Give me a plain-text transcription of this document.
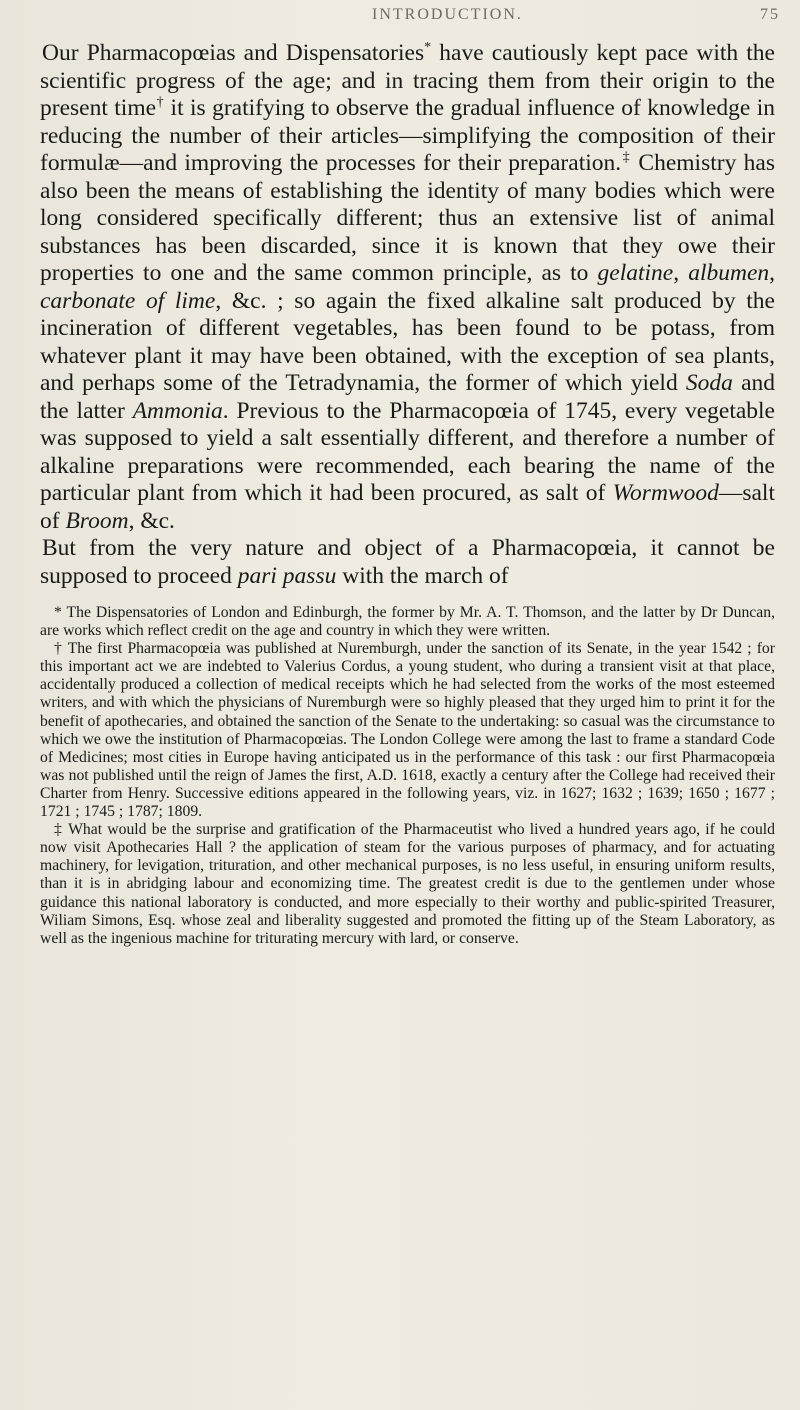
INTRODUCTION.	75

Our Pharmacopœias and Dispensatories* have cautiously kept pace with the scientific progress of the age; and in tracing them from their origin to the present time† it is gratifying to observe the gradual influence of knowledge in reducing the number of their articles—simplifying the composition of their formulæ—and improving the processes for their preparation.‡ Chemistry has also been the means of establishing the identity of many bodies which were long considered specifically different; thus an extensive list of animal substances has been discarded, since it is known that they owe their properties to one and the same common principle, as to gelatine, albumen, carbonate of lime, &c. ; so again the fixed alkaline salt produced by the incineration of different vegetables, has been found to be potass, from whatever plant it may have been obtained, with the exception of sea plants, and perhaps some of the Tetradynamia, the former of which yield Soda and the latter Ammonia. Previous to the Pharmacopœia of 1745, every vegetable was supposed to yield a salt essentially different, and therefore a number of alkaline preparations were recommended, each bearing the name of the particular plant from which it had been procured, as salt of Wormwood—salt of Broom, &c.

But from the very nature and object of a Pharmacopœia, it cannot be supposed to proceed pari passu with the march of

* The Dispensatories of London and Edinburgh, the former by Mr. A. T. Thomson, and the latter by Dr Duncan, are works which reflect credit on the age and country in which they were written.

† The first Pharmacopœia was published at Nuremburgh, under the sanction of its Senate, in the year 1542 ; for this important act we are indebted to Valerius Cordus, a young student, who during a transient visit at that place, accidentally produced a collection of medical receipts which he had selected from the works of the most esteemed writers, and with which the physicians of Nuremburgh were so highly pleased that they urged him to print it for the benefit of apothecaries, and obtained the sanction of the Senate to the undertaking: so casual was the circumstance to which we owe the institution of Pharmacopœias. The London College were among the last to frame a standard Code of Medicines; most cities in Europe having anticipated us in the performance of this task : our first Pharmacopœia was not published until the reign of James the first, A.D. 1618, exactly a century after the College had received their Charter from Henry. Successive editions appeared in the following years, viz. in 1627; 1632 ; 1639; 1650 ; 1677 ; 1721 ; 1745 ; 1787; 1809.

‡ What would be the surprise and gratification of the Pharmaceutist who lived a hundred years ago, if he could now visit Apothecaries Hall ? the application of steam for the various purposes of pharmacy, and for actuating machinery, for levigation, trituration, and other mechanical purposes, is no less useful, in ensuring uniform results, than it is in abridging labour and economizing time. The greatest credit is due to the gentlemen under whose guidance this national laboratory is conducted, and more especially to their worthy and public-spirited Treasurer, Wiliam Simons, Esq. whose zeal and liberality suggested and promoted the fitting up of the Steam Laboratory, as well as the ingenious machine for triturating mercury with lard, or conserve.
